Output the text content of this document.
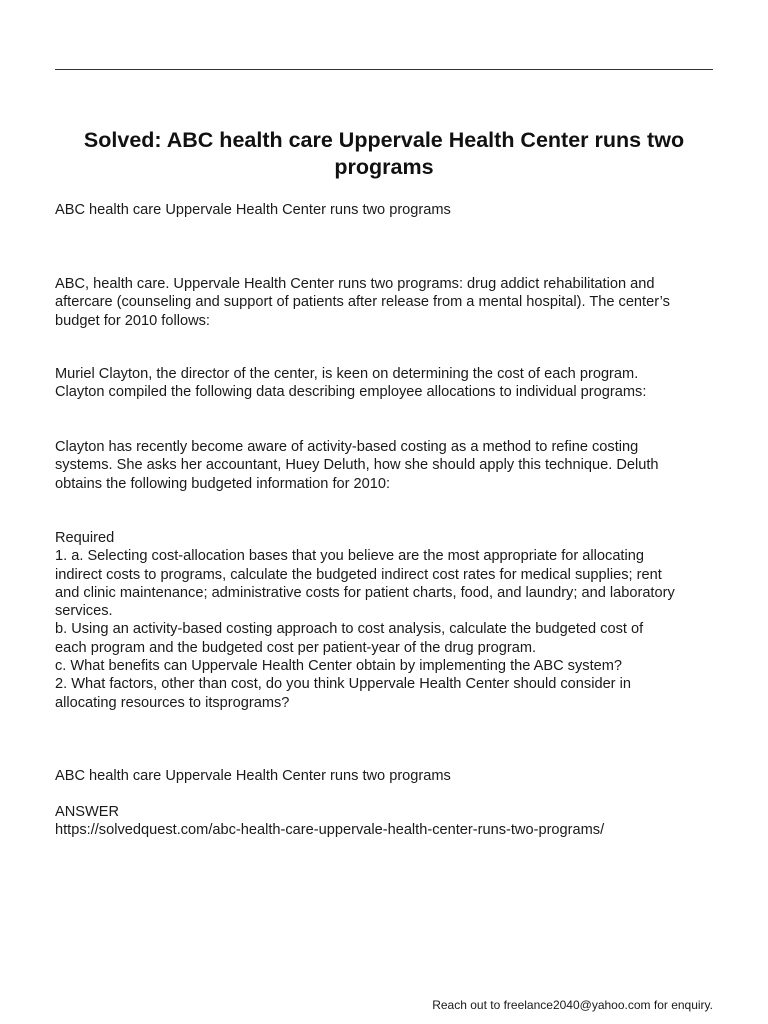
Solved: ABC health care Uppervale Health Center runs two
programs
ABC health care Uppervale Health Center runs two programs
ABC, health care. Uppervale Health Center runs two programs: drug addict rehabilitation and
aftercare (counseling and support of patients after release from a mental hospital). The center’s
budget for 2010 follows:
Muriel Clayton, the director of the center, is keen on determining the cost of each program.
Clayton compiled the following data describing employee allocations to individual programs:
Clayton has recently become aware of activity-based costing as a method to refine costing
systems. She asks her accountant, Huey Deluth, how she should apply this technique. Deluth
obtains the following budgeted information for 2010:
Required
1. a. Selecting cost-allocation bases that you believe are the most appropriate for allocating
indirect costs to programs, calculate the budgeted indirect cost rates for medical supplies; rent
and clinic maintenance; administrative costs for patient charts, food, and laundry; and laboratory
services.
b. Using an activity-based costing approach to cost analysis, calculate the budgeted cost of
each program and the budgeted cost per patient-year of the drug program.
c. What benefits can Uppervale Health Center obtain by implementing the ABC system?
2. What factors, other than cost, do you think Uppervale Health Center should consider in
allocating resources to itsprograms?
ABC health care Uppervale Health Center runs two programs
ANSWER
https://solvedquest.com/abc-health-care-uppervale-health-center-runs-two-programs/
Reach out to freelance2040@yahoo.com for enquiry.
